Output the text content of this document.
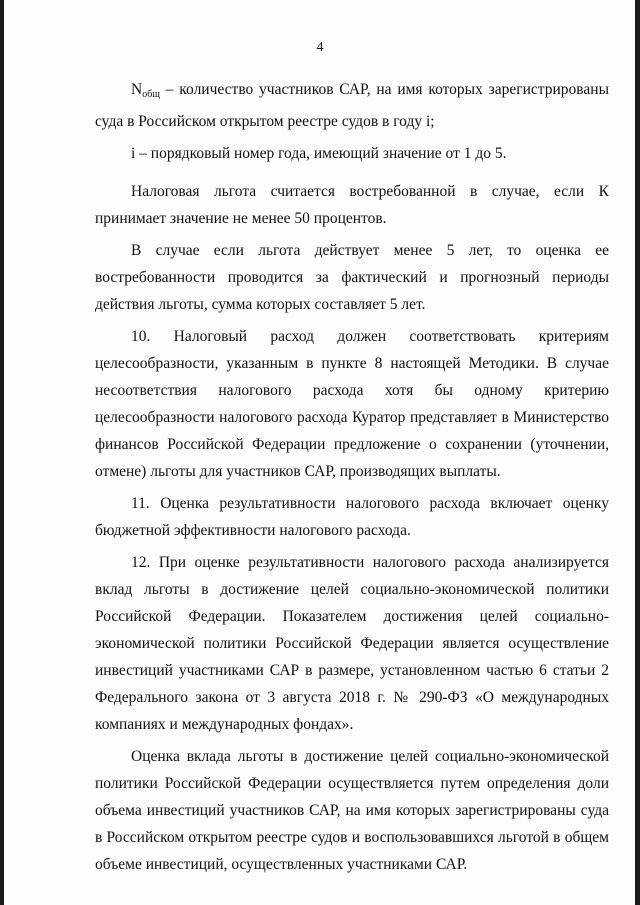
4

$N_{общ}$ – количество участников САР, на имя которых зарегистрированы суда в Российском открытом реестре судов в году i;

i – порядковый номер года, имеющий значение от 1 до 5.

Налоговая льгота считается востребованной в случае, если К принимает значение не менее 50 процентов.

В случае если льгота действует менее 5 лет, то оценка ее востребованности проводится за фактический и прогнозный периоды действия льготы, сумма которых составляет 5 лет.

10. Налоговый расход должен соответствовать критериям целесообразности, указанным в пункте 8 настоящей Методики. В случае несоответствия налогового расхода хотя бы одному критерию целесообразности налогового расхода Куратор представляет в Министерство финансов Российской Федерации предложение о сохранении (уточнении, отмене) льготы для участников САР, производящих выплаты.

11. Оценка результативности налогового расхода включает оценку бюджетной эффективности налогового расхода.

12. При оценке результативности налогового расхода анализируется вклад льготы в достижение целей социально-экономической политики Российской Федерации. Показателем достижения целей социально-экономической политики Российской Федерации является осуществление инвестиций участниками САР в размере, установленном частью 6 статьи 2 Федерального закона от 3 августа 2018 г. № 290-ФЗ «О международных компаниях и международных фондах».

Оценка вклада льготы в достижение целей социально-экономической политики Российской Федерации осуществляется путем определения доли объема инвестиций участников САР, на имя которых зарегистрированы суда в Российском открытом реестре судов и воспользовавшихся льготой в общем объеме инвестиций, осуществленных участниками САР.
